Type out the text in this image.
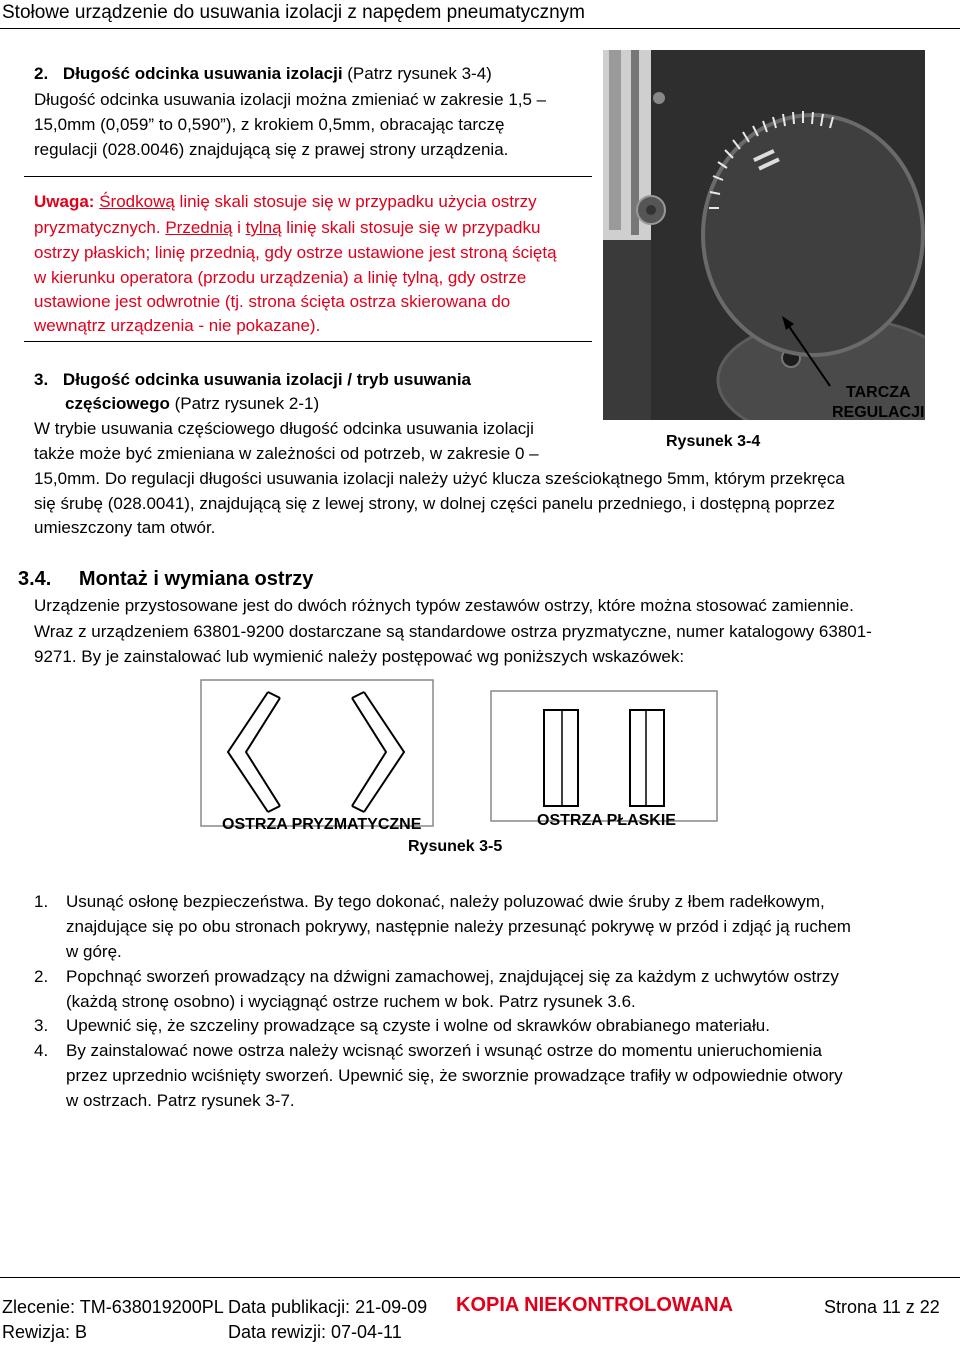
Stołowe urządzenie do usuwania izolacji z napędem pneumatycznym
2. Długość odcinka usuwania izolacji (Patrz rysunek 3-4)
Długość odcinka usuwania izolacji można zmieniać w zakresie 1,5 –
15,0mm (0,059” to 0,590”), z krokiem 0,5mm, obracając tarczę
regulacji (028.0046) znajdującą się z prawej strony urządzenia.
Uwaga: Środkową linię skali stosuje się w przypadku użycia ostrzy
pryzmatycznych. Przednią i tylną linię skali stosuje się w przypadku
ostrzy płaskich; linię przednią, gdy ostrze ustawione jest stroną ściętą
w kierunku operatora (przodu urządzenia) a linię tylną, gdy ostrze
ustawione jest odwrotnie (tj. strona ścięta ostrza skierowana do
wewnątrz urządzenia - nie pokazane).
TARCZA
REGULACJI
Rysunek 3-4
3. Długość odcinka usuwania izolacji / tryb usuwania
częściowego (Patrz rysunek 2-1)
W trybie usuwania częściowego długość odcinka usuwania izolacji
także może być zmieniana w zależności od potrzeb, w zakresie 0 –
15,0mm. Do regulacji długości usuwania izolacji należy użyć klucza sześciokątnego 5mm, którym przekręca
się śrubę (028.0041), znajdującą się z lewej strony, w dolnej części panelu przedniego, i dostępną poprzez
umieszczony tam otwór.
3.4. Montaż i wymiana ostrzy
Urządzenie przystosowane jest do dwóch różnych typów zestawów ostrzy, które można stosować zamiennie.
Wraz z urządzeniem 63801-9200 dostarczane są standardowe ostrza pryzmatyczne, numer katalogowy 63801-
9271. By je zainstalować lub wymienić należy postępować wg poniższych wskazówek:
OSTRZA PRYZMATYCZNE	OSTRZA PŁASKIE
Rysunek 3-5
1. Usunąć osłonę bezpieczeństwa. By tego dokonać, należy poluzować dwie śruby z łbem radełkowym,
znajdujące się po obu stronach pokrywy, następnie należy przesunąć pokrywę w przód i zdjąć ją ruchem
w górę.
2. Popchnąć sworzeń prowadzący na dźwigni zamachowej, znajdującej się za każdym z uchwytów ostrzy
(każdą stronę osobno) i wyciągnąć ostrze ruchem w bok. Patrz rysunek 3.6.
3. Upewnić się, że szczeliny prowadzące są czyste i wolne od skrawków obrabianego materiału.
4. By zainstalować nowe ostrza należy wcisnąć sworzeń i wsunąć ostrze do momentu unieruchomienia
przez uprzednio wciśnięty sworzeń. Upewnić się, że sworznie prowadzące trafiły w odpowiednie otwory
w ostrzach. Patrz rysunek 3-7.
Zlecenie: TM-638019200PL Data publikacji: 21-09-09 KOPIA NIEKONTROLOWANA	Strona 11 z 22
Rewizja: B	Data rewizji: 07-04-11
